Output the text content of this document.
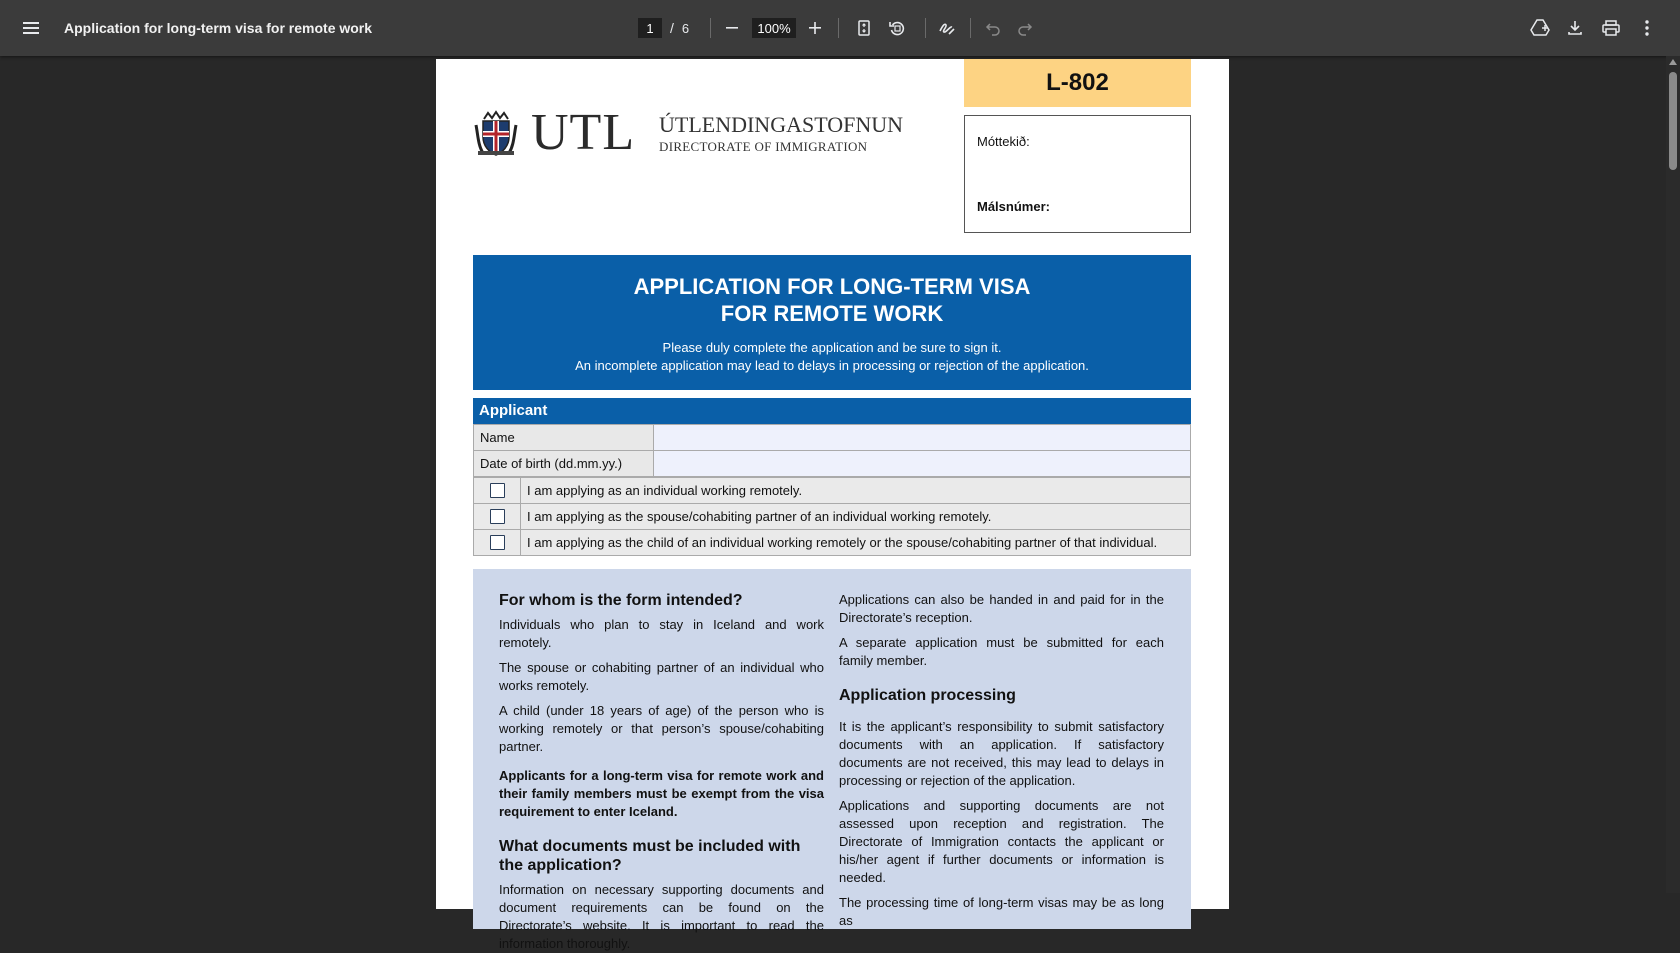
Application for long-term visa for remote work
1	/ 6
100%
L-802
Móttekið:
Málsnúmer:
UTL ÚTLENDINGASTOFNUN
DIRECTORATE OF IMMIGRATION
APPLICATION FOR LONG-TERM VISA
FOR REMOTE WORK
Please duly complete the application and be sure to sign it.
An incomplete application may lead to delays in processing or rejection of the application.
Applicant
Name
Date of birth (dd.mm.yy.)
I am applying as an individual working remotely.
I am applying as the spouse/cohabiting partner of an individual working remotely.
I am applying as the child of an individual working remotely or the spouse/cohabiting partner of that individual.
For whom is the form intended?

Individuals who plan to stay in Iceland and work remotely.

The spouse or cohabiting partner of an individual who works remotely.

A child (under 18 years of age) of the person who is working remotely or that person’s spouse/cohabiting partner.

Applicants for a long-term visa for remote work and their family members must be exempt from the visa requirement to enter Iceland.

What documents must be included with the application?

Information on necessary supporting documents and document requirements can be found on the Directorate’s website. It is important to read the information thoroughly.

Applications can also be handed in and paid for in the Directorate’s reception.

A separate application must be submitted for each family member.

Application processing

It is the applicant’s responsibility to submit satisfactory documents with an application. If satisfactory documents are not received, this may lead to delays in processing or rejection of the application.

Applications and supporting documents are not assessed upon reception and registration. The Directorate of Immigration contacts the applicant or his/her agent if further documents or information is needed.

The processing time of long-term visas may be as long as
